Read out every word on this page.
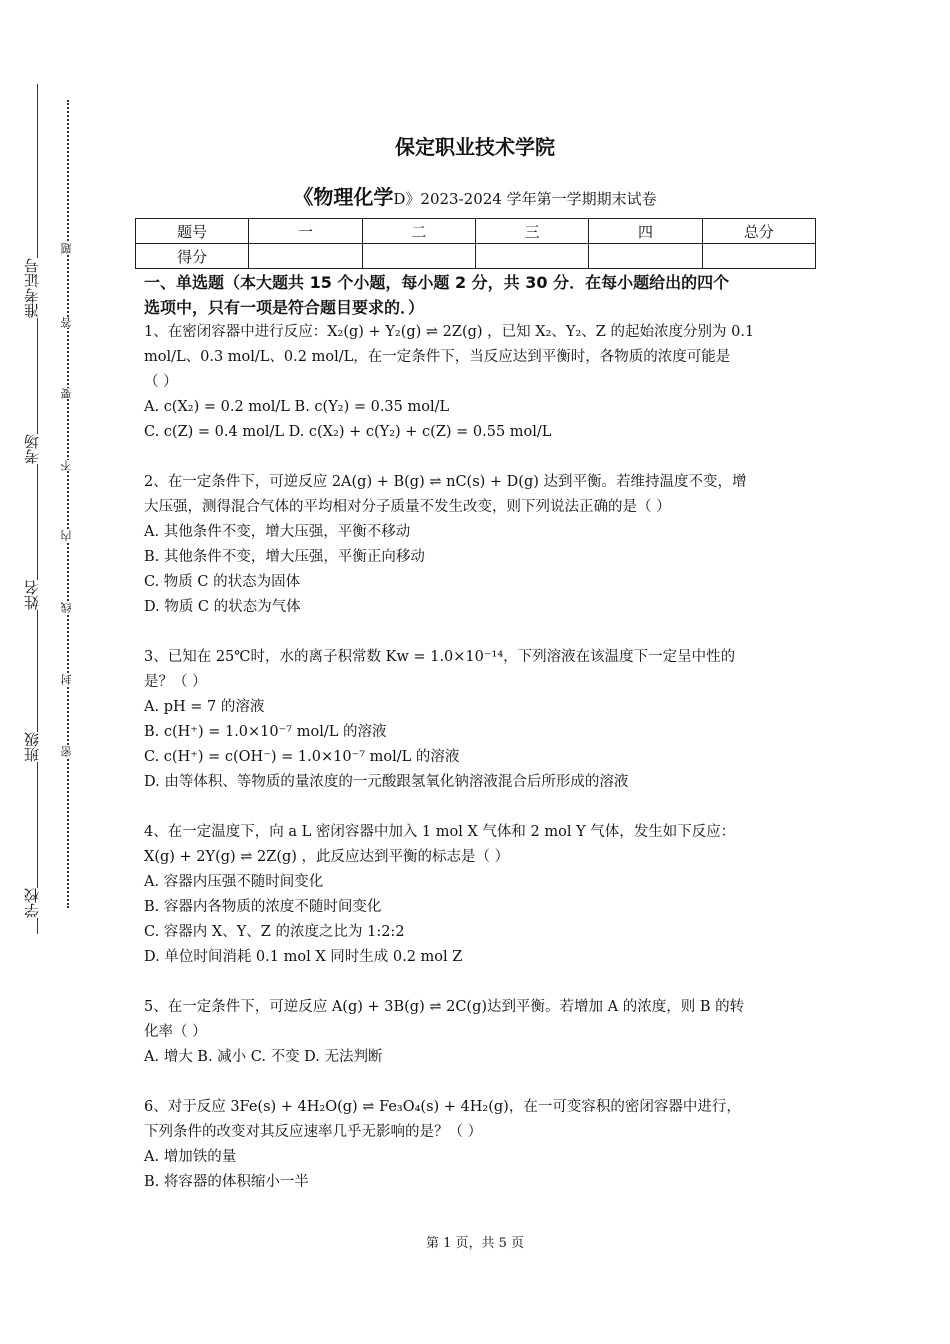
准考证号
考场
姓名
班级
学校
题
答
要
不
内
线
封
密
保定职业技术学院
《物理化学D》2023-2024 学年第一学期期末试卷
题号	一	二	三	四	总分
得分					

一、单选题（本大题共 15 个小题，每小题 2 分，共 30 分．在每小题给出的四个

选项中，只有一项是符合题目要求的．）

1、在密闭容器中进行反应：X₂(g) + Y₂(g) ⇌ 2Z(g) ，已知 X₂、Y₂、Z 的起始浓度分别为 0.1

mol/L、0.3 mol/L、0.2 mol/L，在一定条件下，当反应达到平衡时，各物质的浓度可能是

（ ）

A. c(X₂) = 0.2 mol/L B. c(Y₂) = 0.35 mol/L

C. c(Z) = 0.4 mol/L D. c(X₂) + c(Y₂) + c(Z) = 0.55 mol/L

2、在一定条件下，可逆反应 2A(g) + B(g) ⇌ nC(s) + D(g) 达到平衡。若维持温度不变，增

大压强，测得混合气体的平均相对分子质量不发生改变，则下列说法正确的是（ ）

A. 其他条件不变，增大压强，平衡不移动

B. 其他条件不变，增大压强，平衡正向移动

C. 物质 C 的状态为固体

D. 物质 C 的状态为气体

3、已知在 25℃时，水的离子积常数 Kw = 1.0×10⁻¹⁴，下列溶液在该温度下一定呈中性的

是？（ ）

A. pH = 7 的溶液

B. c(H⁺) = 1.0×10⁻⁷ mol/L 的溶液

C. c(H⁺) = c(OH⁻) = 1.0×10⁻⁷ mol/L 的溶液

D. 由等体积、等物质的量浓度的一元酸跟氢氧化钠溶液混合后所形成的溶液

4、在一定温度下，向 a L 密闭容器中加入 1 mol X 气体和 2 mol Y 气体，发生如下反应：

X(g) + 2Y(g) ⇌ 2Z(g) ，此反应达到平衡的标志是（ ）

A. 容器内压强不随时间变化

B. 容器内各物质的浓度不随时间变化

C. 容器内 X、Y、Z 的浓度之比为 1:2:2

D. 单位时间消耗 0.1 mol X 同时生成 0.2 mol Z

5、在一定条件下，可逆反应 A(g) + 3B(g) ⇌ 2C(g)达到平衡。若增加 A 的浓度，则 B 的转

化率（ ）

A. 增大 B. 减小 C. 不变 D. 无法判断

6、对于反应 3Fe(s) + 4H₂O(g) ⇌ Fe₃O₄(s) + 4H₂(g)，在一可变容积的密闭容器中进行，

下列条件的改变对其反应速率几乎无影响的是？（ ）

A. 增加铁的量

B. 将容器的体积缩小一半

第 1 页，共 5 页
